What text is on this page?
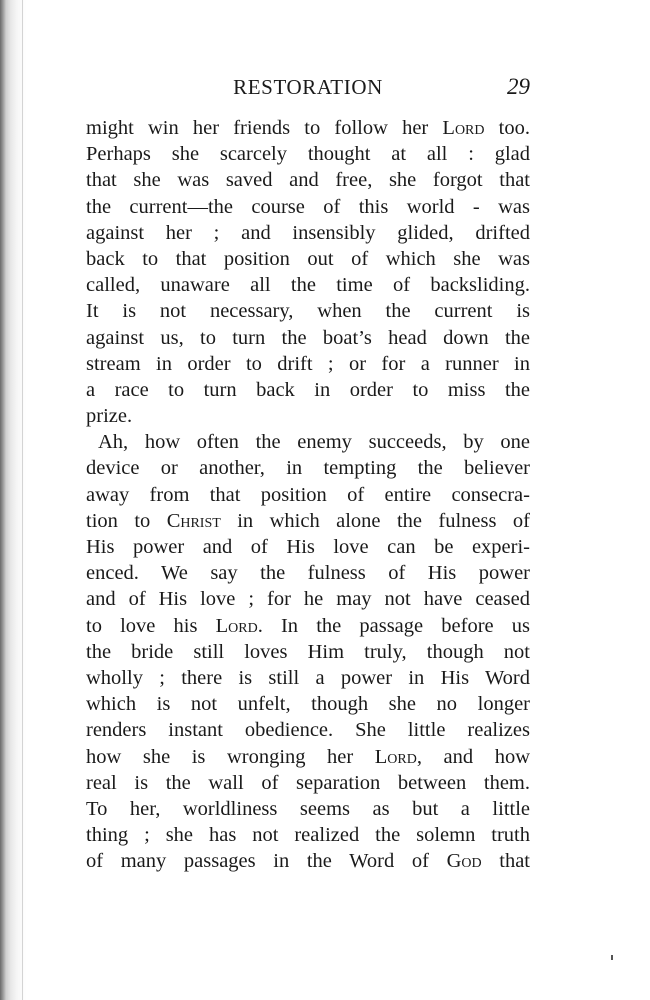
RESTORATION	29
might win her friends to follow her Lord too.
Perhaps she scarcely thought at all : glad
that she was saved and free, she forgot that
the current—the course of this world - was
against her ; and insensibly glided, drifted
back to that position out of which she was
called, unaware all the time of backsliding.
It is not necessary, when the current is
against us, to turn the boat’s head down the
stream in order to drift ; or for a runner in
a race to turn back in order to miss the
prize.
Ah, how often the enemy succeeds, by one
device or another, in tempting the believer
away from that position of entire consecra-
tion to Christ in which alone the fulness of
His power and of His love can be experi-
enced. We say the fulness of His power
and of His love ; for he may not have ceased
to love his Lord. In the passage before us
the bride still loves Him truly, though not
wholly ; there is still a power in His Word
which is not unfelt, though she no longer
renders instant obedience. She little realizes
how she is wronging her Lord, and how
real is the wall of separation between them.
To her, worldliness seems as but a little
thing ; she has not realized the solemn truth
of many passages in the Word of God that
